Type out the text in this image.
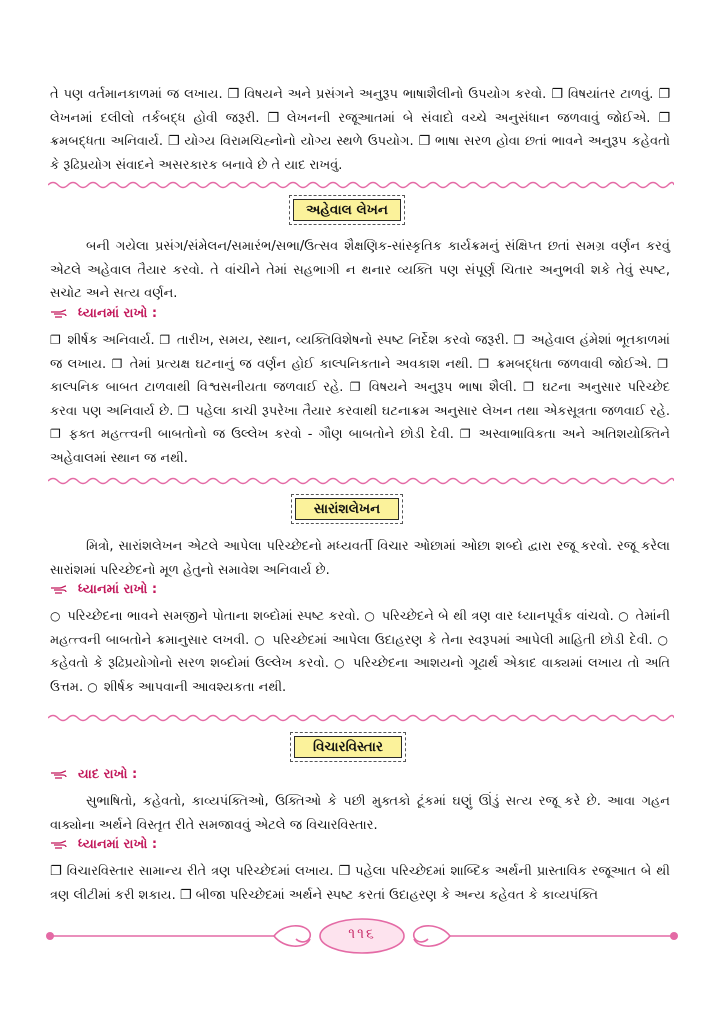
તે પણ વર્તમાનકાળમાં જ લખાય. ❐ વિષયને અને પ્રસંગને અનુરૂપ ભાષાશૈલીનો ઉપયોગ કરવો. ❐ વિષયાંતર ટાળવું. ❐ લેખનમાં દલીલો તર્કબદ્ધ હોવી જરૂરી. ❐ લેખનની રજૂઆતમાં બે સંવાદો વચ્ચે અનુસંધાન જળવાવું જોઈએ. ❐ ક્રમબદ્ધતા અનિવાર્ય. ❐ યોગ્ય વિરામચિહ્નોનો યોગ્ય સ્થળે ઉપયોગ. ❐ ભાષા સરળ હોવા છતાં ભાવને અનુરૂપ કહેવતો કે રૂઢિપ્રયોગ સંવાદને અસરકારક બનાવે છે તે યાદ રાખવું.

અહેવાલ લેખન

બની ગયેલા પ્રસંગ/સંમેલન/સમારંભ/સભા/ઉત્સવ શૈક્ષણિક-સાંસ્કૃતિક કાર્યક્રમનું સંક્ષિપ્ત છતાં સમગ્ર વર્ણન કરવું એટલે અહેવાલ તૈયાર કરવો. તે વાંચીને તેમાં સહભાગી ન થનાર વ્યક્તિ પણ સંપૂર્ણ ચિતાર અનુભવી શકે તેવું સ્પષ્ટ, સચોટ અને સત્ય વર્ણન.

ધ્યાનમાં રાખો :

❐ શીર્ષક અનિવાર્ય. ❐ તારીખ, સમય, સ્થાન, વ્યક્તિવિશેષનો સ્પષ્ટ નિર્દેશ કરવો જરૂરી. ❐ અહેવાલ હંમેશાં ભૂતકાળમાં જ લખાય. ❐ તેમાં પ્રત્યક્ષ ઘટનાનું જ વર્ણન હોઈ કાલ્પનિકતાને અવકાશ નથી. ❐ ક્રમબદ્ધતા જળવાવી જોઈએ. ❐ કાલ્પનિક બાબત ટાળવાથી વિશ્વસનીયતા જળવાઈ રહે. ❐ વિષયને અનુરૂપ ભાષા શૈલી. ❐ ઘટના અનુસાર પરિચ્છેદ કરવા પણ અનિવાર્ય છે. ❐ પહેલા કાચી રૂપરેખા તૈયાર કરવાથી ઘટનાક્રમ અનુસાર લેખન તથા એકસૂત્રતા જળવાઈ રહે. ❐ ફક્ત મહત્ત્વની બાબતોનો જ ઉલ્લેખ કરવો - ગૌણ બાબતોને છોડી દેવી. ❐ અસ્વાભાવિકતા અને અતિશયોક્તિને અહેવાલમાં સ્થાન જ નથી.

સારાંશલેખન

મિત્રો, સારાંશલેખન એટલે આપેલા પરિચ્છેદનો મધ્યવર્તી વિચાર ઓછામાં ઓછા શબ્દો દ્વારા રજૂ કરવો. રજૂ કરેલા સારાંશમાં પરિચ્છેદનો મૂળ હેતુનો સમાવેશ અનિવાર્ય છે.

ધ્યાનમાં રાખો :

○ પરિચ્છેદના ભાવને સમજીને પોતાના શબ્દોમાં સ્પષ્ટ કરવો. ○ પરિચ્છેદને બે થી ત્રણ વાર ધ્યાનપૂર્વક વાંચવો. ○ તેમાંની મહત્ત્વની બાબતોને ક્રમાનુસાર લખવી. ○ પરિચ્છેદમાં આપેલા ઉદાહરણ કે તેના સ્વરૂપમાં આપેલી માહિતી છોડી દેવી. ○ કહેવતો કે રૂઢિપ્રયોગોનો સરળ શબ્દોમાં ઉલ્લેખ કરવો. ○ પરિચ્છેદના આશયનો ગૂઢાર્થ એકાદ વાક્યમાં લખાય તો અતિ ઉત્તમ. ○ શીર્ષક આપવાની આવશ્યકતા નથી.

વિચારવિસ્તાર
યાદ રાખો :

સુભાષિતો, કહેવતો, કાવ્યપંક્તિઓ, ઉક્તિઓ કે પછી મુક્તકો ટૂંકમાં ઘણું ઊંડું સત્ય રજૂ કરે છે. આવા ગહન વાક્યોના અર્થને વિસ્તૃત રીતે સમજાવવું એટલે જ વિચારવિસ્તાર.

ધ્યાનમાં રાખો :

❐ વિચારવિસ્તાર સામાન્ય રીતે ત્રણ પરિચ્છેદમાં લખાય. ❐ પહેલા પરિચ્છેદમાં શાબ્દિક અર્થની પ્રાસ્તાવિક રજૂઆત બે થી ત્રણ લીટીમાં કરી શકાય. ❐ બીજા પરિચ્છેદમાં અર્થને સ્પષ્ટ કરતાં ઉદાહરણ કે અન્ય કહેવત કે કાવ્યપંક્તિ

૧૧૬
